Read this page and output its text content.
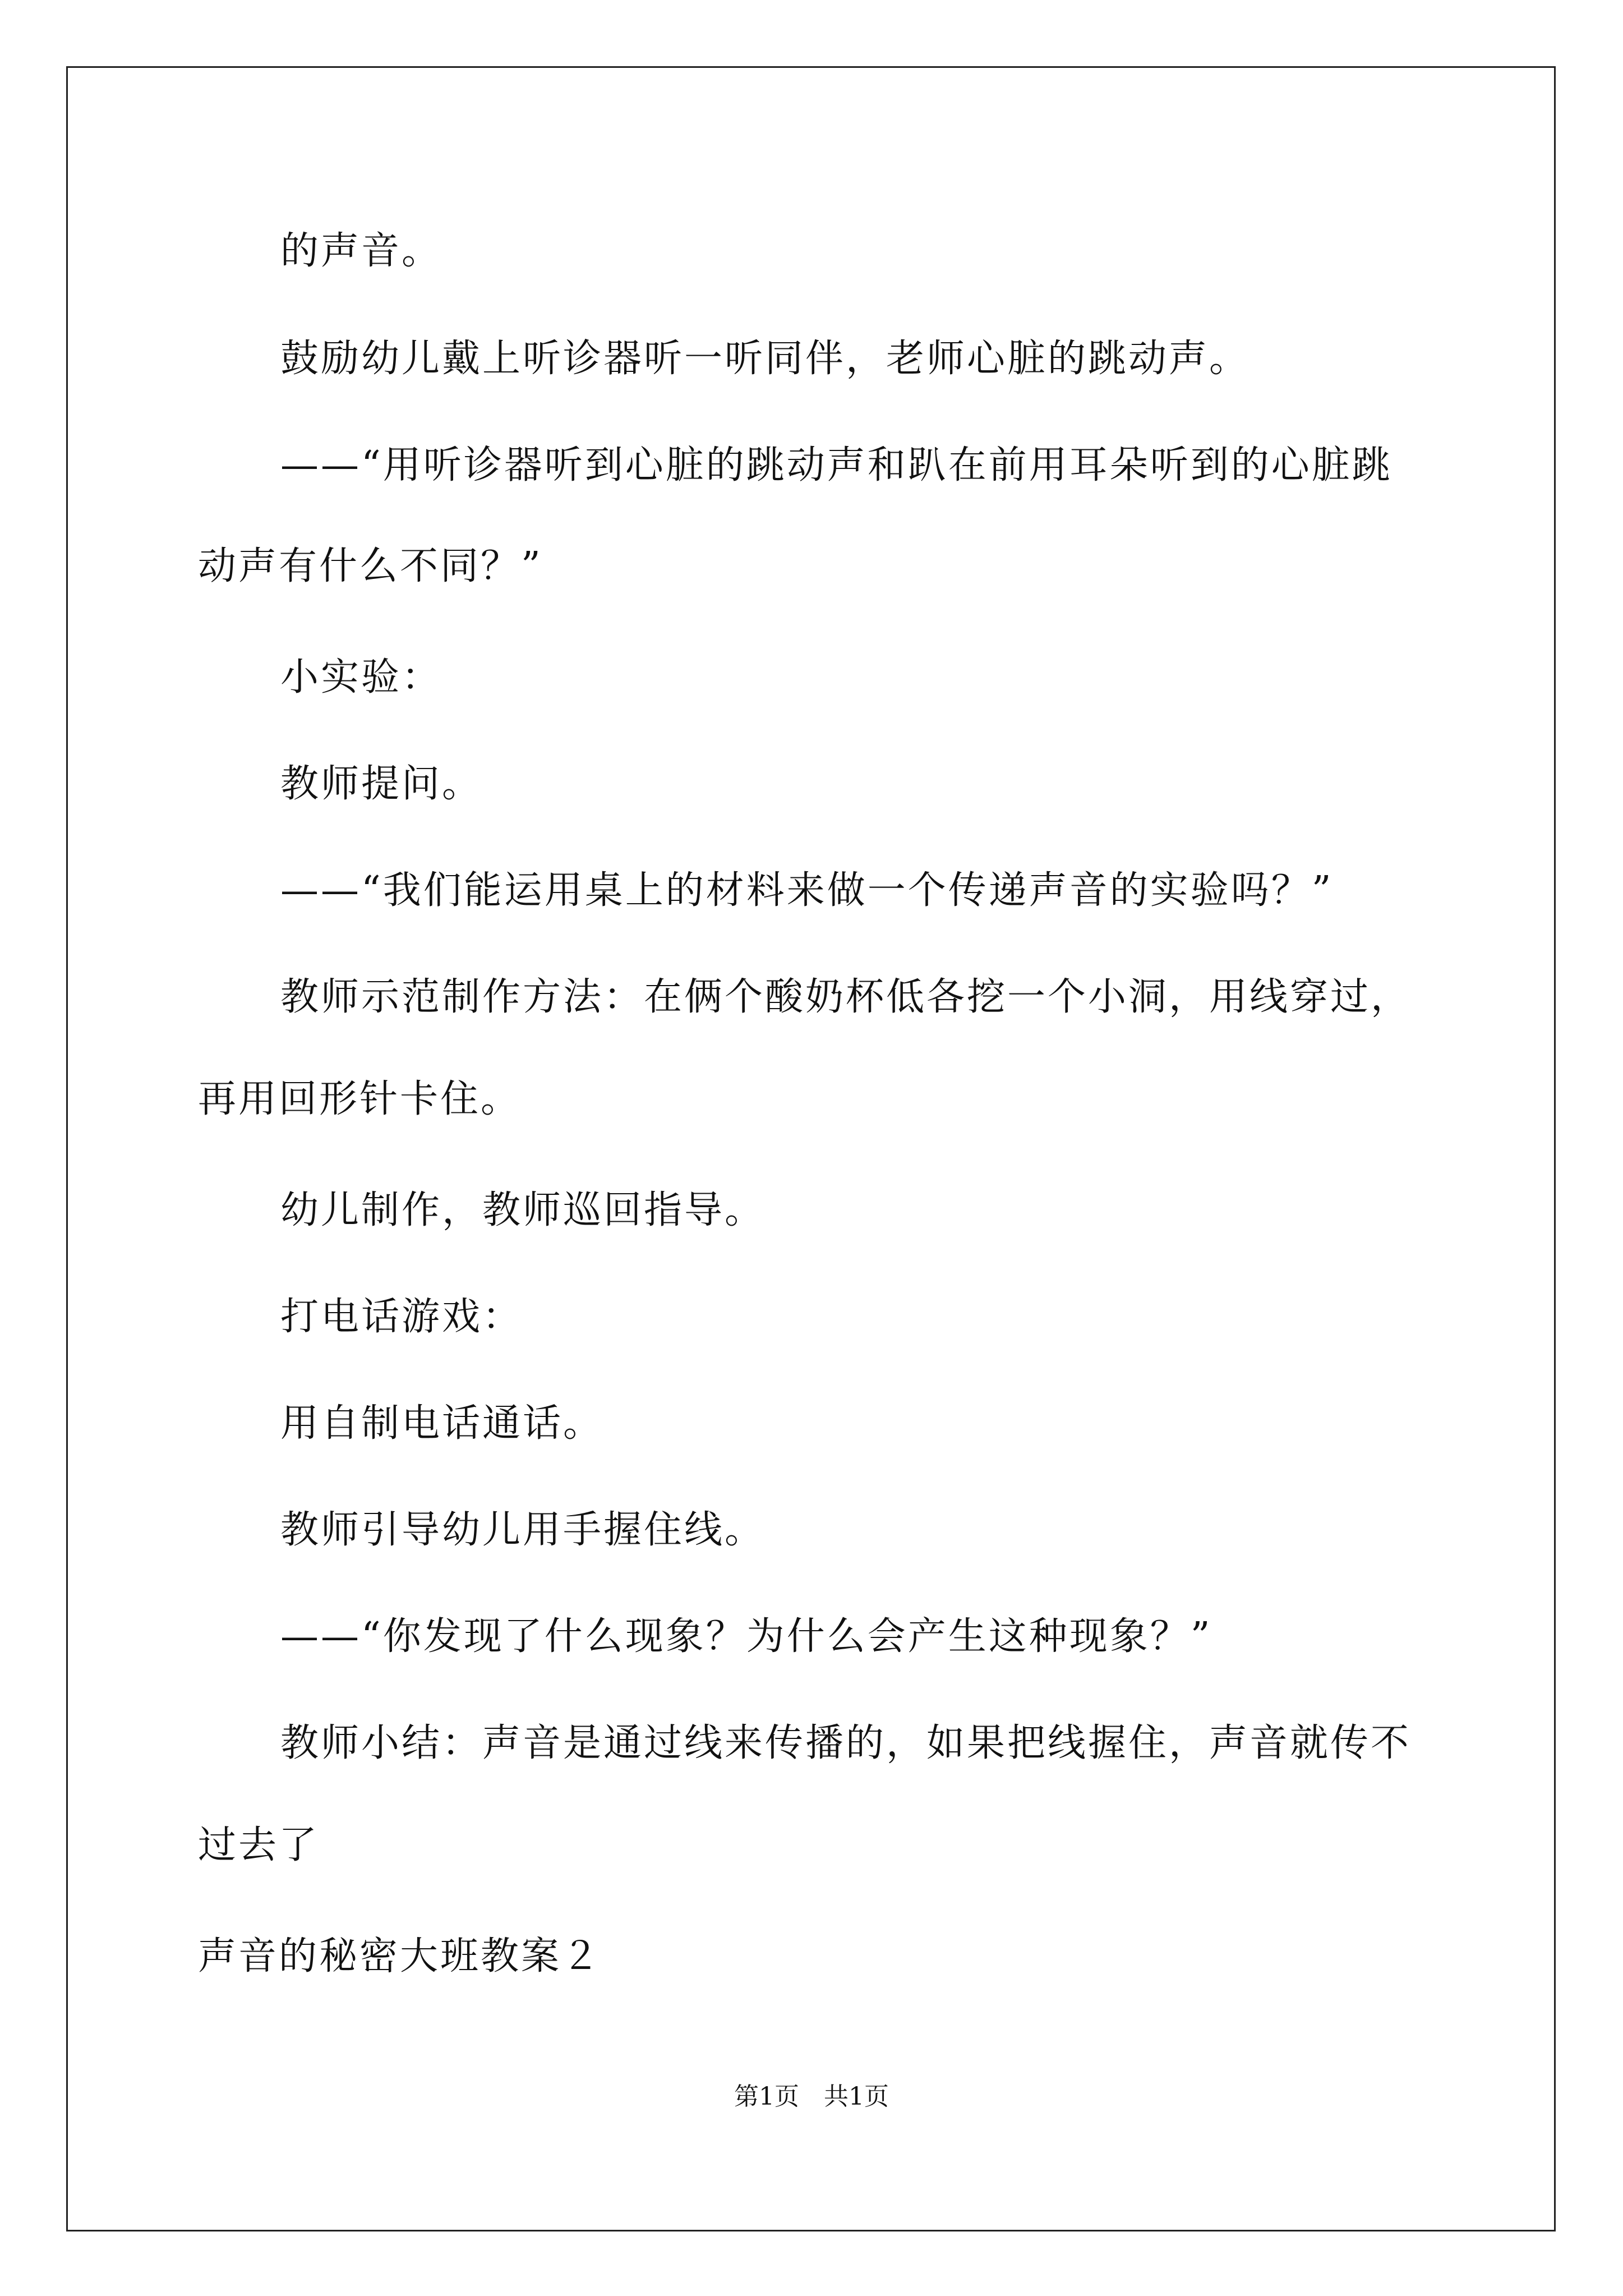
的声音。
鼓励幼儿戴上听诊器听一听同伴，老师心脏的跳动声。
——“用听诊器听到心脏的跳动声和趴在前用耳朵听到的心脏跳
动声有什么不同？”
小实验：
教师提问。
——“我们能运用桌上的材料来做一个传递声音的实验吗？”
教师示范制作方法：在俩个酸奶杯低各挖一个小洞，用线穿过，
再用回形针卡住。
幼儿制作，教师巡回指导。
打电话游戏：
用自制电话通话。
教师引导幼儿用手握住线。
——“你发现了什么现象？为什么会产生这种现象？”
教师小结：声音是通过线来传播的，如果把线握住，声音就传不
过去了
声音的秘密大班教案２
第1页　共1页
